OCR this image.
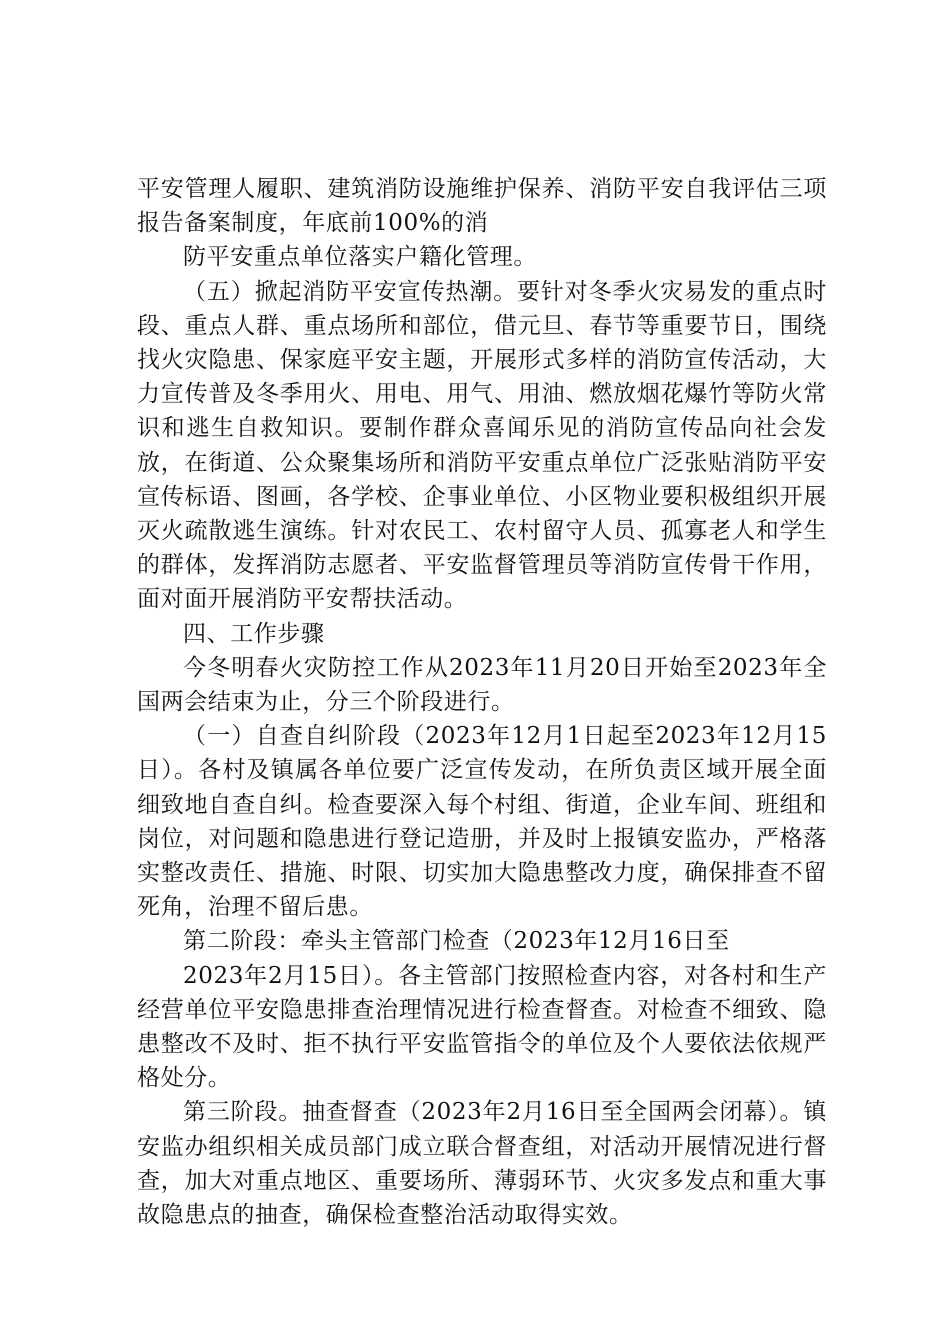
平安管理人履职、建筑消防设施维护保养、消防平安自我评估三项报告备案制度，年底前100%的消

防平安重点单位落实户籍化管理。

（五）掀起消防平安宣传热潮。要针对冬季火灾易发的重点时段、重点人群、重点场所和部位，借元旦、春节等重要节日，围绕找火灾隐患、保家庭平安主题，开展形式多样的消防宣传活动，大力宣传普及冬季用火、用电、用气、用油、燃放烟花爆竹等防火常识和逃生自救知识。要制作群众喜闻乐见的消防宣传品向社会发放，在街道、公众聚集场所和消防平安重点单位广泛张贴消防平安宣传标语、图画，各学校、企事业单位、小区物业要积极组织开展灭火疏散逃生演练。针对农民工、农村留守人员、孤寡老人和学生的群体，发挥消防志愿者、平安监督管理员等消防宣传骨干作用，面对面开展消防平安帮扶活动。

四、工作步骤

今冬明春火灾防控工作从2023年11月20日开始至2023年全国两会结束为止，分三个阶段进行。

（一）自查自纠阶段（2023年12月1日起至2023年12月15日）。各村及镇属各单位要广泛宣传发动，在所负责区域开展全面细致地自查自纠。检查要深入每个村组、街道，企业车间、班组和岗位，对问题和隐患进行登记造册，并及时上报镇安监办，严格落实整改责任、措施、时限、切实加大隐患整改力度，确保排查不留死角，治理不留后患。

第二阶段：牵头主管部门检查（2023年12月16日至

2023年2月15日）。各主管部门按照检查内容，对各村和生产经营单位平安隐患排查治理情况进行检查督查。对检查不细致、隐患整改不及时、拒不执行平安监管指令的单位及个人要依法依规严格处分。

第三阶段。抽查督查（2023年2月16日至全国两会闭幕）。镇安监办组织相关成员部门成立联合督查组，对活动开展情况进行督查，加大对重点地区、重要场所、薄弱环节、火灾多发点和重大事故隐患点的抽查，确保检查整治活动取得实效。
